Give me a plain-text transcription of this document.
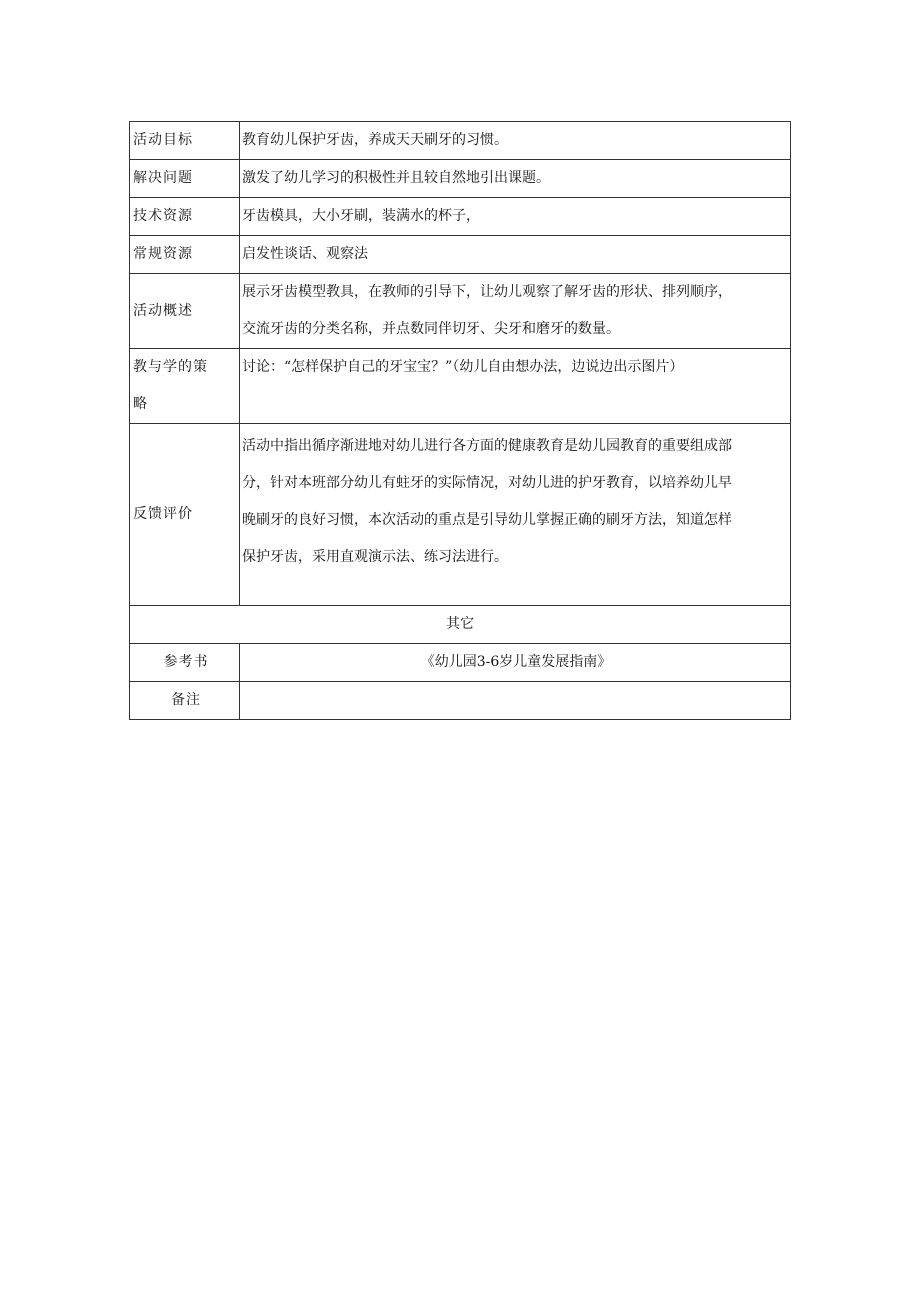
活动目标	教育幼儿保护牙齿，养成天天刷牙的习惯。
解决问题	激发了幼儿学习的积极性并且较自然地引出课题。
技术资源	牙齿模具，大小牙刷，装满水的杯子，
常规资源	启发性谈话、观察法
活动概述	展示牙齿模型教具，在教师的引导下，让幼儿观察了解牙齿的形状、排列顺序，
交流牙齿的分类名称，并点数同伴切牙、尖牙和磨牙的数量。

教与学的策
略	讨论：“怎样保护自己的牙宝宝？”（幼儿自由想办法，边说边出示图片）
反馈评价	活动中指出循序渐进地对幼儿进行各方面的健康教育是幼儿园教育的重要组成部
分，针对本班部分幼儿有蛀牙的实际情况，对幼儿进的护牙教育，以培养幼儿早
晚刷牙的良好习惯，本次活动的重点是引导幼儿掌握正确的刷牙方法，知道怎样
保护牙齿，采用直观演示法、练习法进行。

其它	
参考书	《幼儿园3-6岁儿童发展指南》
备注	
